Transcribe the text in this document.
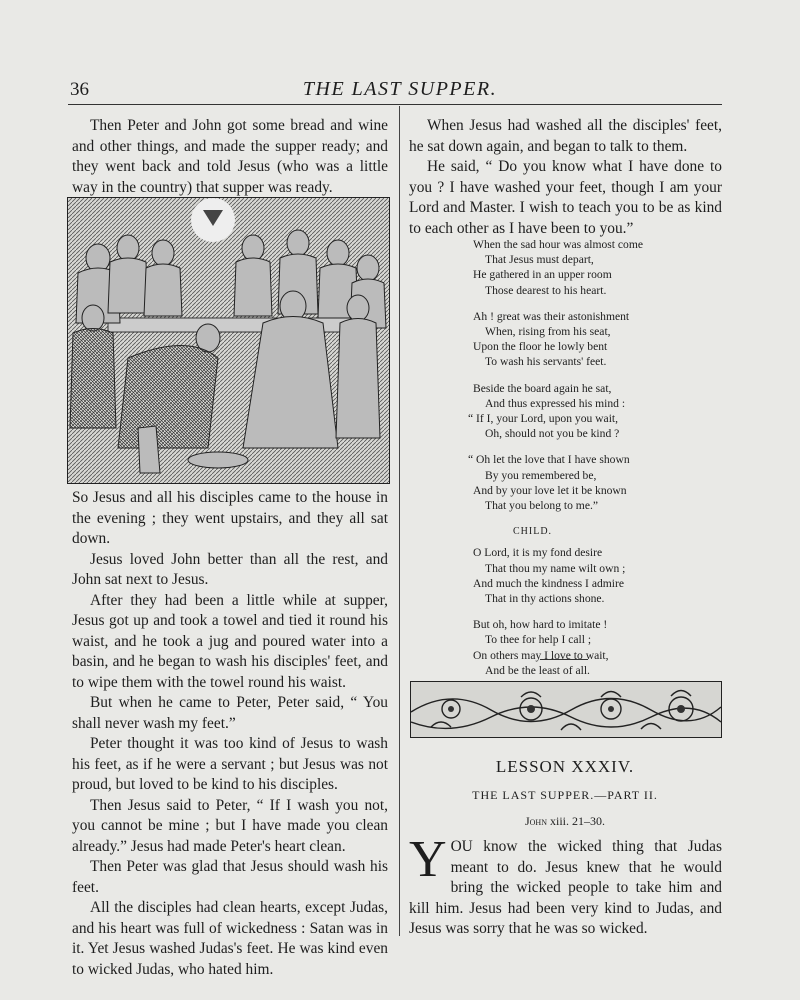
36	THE LAST SUPPER.

Then Peter and John got some bread and wine and other things, and made the supper ready; and they went back and told Jesus (who was a little way in the country) that supper was ready.

So Jesus and all his disciples came to the house in the evening ; they went upstairs, and they all sat down.

Jesus loved John better than all the rest, and John sat next to Jesus.

After they had been a little while at supper, Jesus got up and took a towel and tied it round his waist, and he took a jug and poured water into a basin, and he began to wash his disciples' feet, and to wipe them with the towel round his waist.

But when he came to Peter, Peter said, “ You shall never wash my feet.”

Peter thought it was too kind of Jesus to wash his feet, as if he were a servant ; but Jesus was not proud, but loved to be kind to his disciples.

Then Jesus said to Peter, “ If I wash you not, you cannot be mine ; but I have made you clean already.” Jesus had made Peter's heart clean.

Then Peter was glad that Jesus should wash his feet.

All the disciples had clean hearts, except Judas, and his heart was full of wickedness : Satan was in it. Yet Jesus washed Judas's feet. He was kind even to wicked Judas, who hated him.

When Jesus had washed all the disciples' feet, he sat down again, and began to talk to them.

He said, “ Do you know what I have done to you ? I have washed your feet, though I am your Lord and Master. I wish to teach you to be as kind to each other as I have been to you.”

When the sad hour was almost come
That Jesus must depart,
He gathered in an upper room
Those dearest to his heart.
Ah ! great was their astonishment
When, rising from his seat,
Upon the floor he lowly bent
To wash his servants' feet.
Beside the board again he sat,
And thus expressed his mind :
“ If I, your Lord, upon you wait,
Oh, should not you be kind ?
“ Oh let the love that I have shown
By you remembered be,
And by your love let it be known
That you belong to me.”
CHILD.
O Lord, it is my fond desire
That thou my name wilt own ;
And much the kindness I admire
That in thy actions shone.
But oh, how hard to imitate !
To thee for help I call ;
On others may I love to wait,
And be the least of all.
LESSON XXXIV.
THE LAST SUPPER.—PART II.
John xiii. 21–30.
YOU know the wicked thing that Judas meant to do. Jesus knew that he would bring the wicked people to take him and kill him. Jesus had been very kind to Judas, and Jesus was sorry that he was so wicked.
